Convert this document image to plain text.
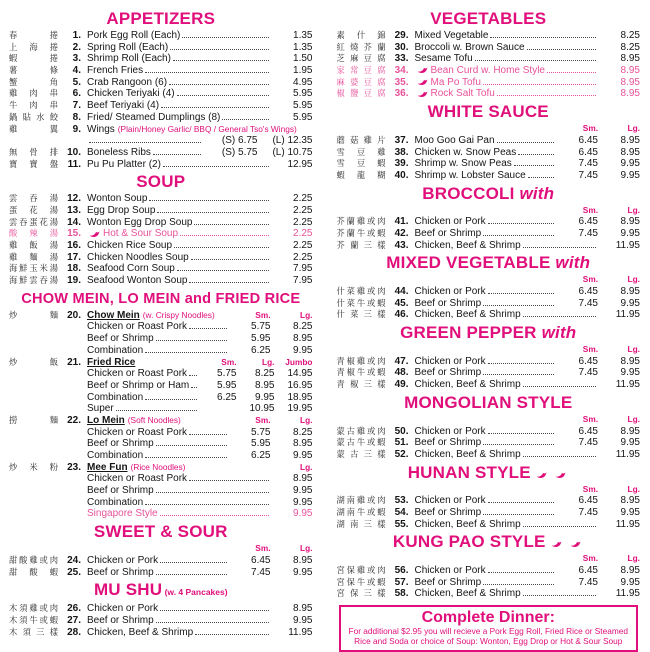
APPETIZERS
春	捲	1. Pork Egg Roll (Each)	1.35
上 海 捲	2. Spring Roll (Each)	1.35
蝦	捲	3. Shrimp Roll (Each)	1.50
薯	條	4. French Fries	1.95
蟹	角	5. Crab Rangoon (6)	4.95
雞 肉 串	6. Chicken Teriyaki (4)	5.95
牛 肉 串	7. Beef Teriyaki (4)	5.95
鍋 貼 水 餃	8. Fried/ Steamed Dumplings (8)	5.95
雞	翼	9. Wings (Plain/Honey Garlic/ BBQ / General Tso's Wings)
(S) 6.75	(L) 12.35
無 骨 排 10. Boneless Ribs	(S) 5.75	(L) 10.75
寶 寶 盤 11. Pu Pu Platter (2)	12.95
SOUP
雲 吞 湯 12. Wonton Soup	2.25
蛋 花 湯 13. Egg Drop Soup	2.25
雲 吞 蛋 花 湯 14. Wonton Egg Drop Soup	2.25
酸 辣 湯 15. Hot & Sour Soup	2.25
雞 飯 湯 16. Chicken Rice Soup	2.25
雞 麵 湯 17. Chicken Noodles Soup	2.25
海 鮮 玉 米 湯 18. Seafood Corn Soup	7.95
海 鮮 雲 吞 湯 19. Seafood Wonton Soup	7.95
CHOW MEIN, LO MEIN and FRIED RICE
炒	麵 20. Chow Mein (w. Crispy Noodles)	Sm.	Lg.
Chicken or Roast Pork	5.75	8.25
Beef or Shrimp	5.95	8.95
Combination	6.25	9.95
炒	飯 21. Fried Rice	Sm.	Lg.	Jumbo
Chicken or Roast Pork	5.75	8.25	14.95
Beef or Shrimp or Ham	5.95	8.95	16.95
Combination	6.25	9.95	18.95
Super	10.95	19.95
撈	麵 22. Lo Mein (Soft Noodles)	Sm.	Lg.
Chicken or Roast Pork	5.75	8.25
Beef or Shrimp	5.95	8.95
Combination	6.25	9.95
炒 米 粉 23. Mee Fun (Rice Noodles)	Lg.
Chicken or Roast Pork	8.95
Beef or Shrimp	9.95
Combination	9.95
Singapore Style	9.95
SWEET & SOUR
Sm.	Lg.
甜 酸 雞 或 肉 24. Chicken or Pork	6.45	8.95
甜 酸 蝦 25. Beef or Shrimp	7.45	9.95
MU SHU (w. 4 Pancakes)
木 須 雞 或 肉 26. Chicken or Pork	8.95
木 須 牛 或 蝦 27. Beef or Shrimp	9.95
木 須 三 樣 28. Chicken, Beef & Shrimp	11.95
VEGETABLES
素 什 錦 29. Mixed Vegetable	8.25
紅 燒 芥 蘭 30. Broccoli w. Brown Sauce	8.25
芝 麻 豆 腐 33. Sesame Tofu	8.95
家 常 豆 腐 34. Bean Curd w. Home Style	8.95
麻 婆 豆 腐 35. Ma Po Tofu	8.95
椒 鹽 豆 腐 36. Rock Salt Tofu	8.95
WHITE SAUCE
Sm.	Lg.
蘑 菇 雞 片 37. Moo Goo Gai Pan	6.45	8.95
雪 豆 雞 38. Chicken w. Snow Peas	6.45	8.95
雪 豆 蝦 39. Shrimp w. Snow Peas	7.45	9.95
蝦 龍 糊 40. Shrimp w. Lobster Sauce	7.45	9.95
BROCCOLI with
Sm.	Lg.
芥 蘭 雞 或 肉 41. Chicken or Pork	6.45	8.95
芥 蘭 牛 或 蝦 42. Beef or Shrimp	7.45	9.95
芥 蘭 三 樣 43. Chicken, Beef & Shrimp	11.95
MIXED VEGETABLE with
Sm.	Lg.
什 菜 雞 或 肉 44. Chicken or Pork	6.45	8.95
什 菜 牛 或 蝦 45. Beef or Shrimp	7.45	9.95
什 菜 三 樣 46. Chicken, Beef & Shrimp	11.95
GREEN PEPPER with
Sm.	Lg.
青 椒 雞 或 肉 47. Chicken or Pork	6.45	8.95
青 椒 牛 或 蝦 48. Beef or Shrimp	7.45	9.95
青 椒 三 樣 49. Chicken, Beef & Shrimp	11.95
MONGOLIAN STYLE
Sm.	Lg.
蒙 古 雞 或 肉 50. Chicken or Pork	6.45	8.95
蒙 古 牛 或 蝦 51. Beef or Shrimp	7.45	9.95
蒙 古 三 樣 52. Chicken, Beef & Shrimp	11.95
HUNAN STYLE
Sm.	Lg.
湖 南 雞 或 肉 53. Chicken or Pork	6.45	8.95
湖 南 牛 或 蝦 54. Beef or Shrimp	7.45	9.95
湖 南 三 樣 55. Chicken, Beef & Shrimp	11.95
KUNG PAO STYLE
Sm.	Lg.
宮 保 雞 或 肉 56. Chicken or Pork	6.45	8.95
宮 保 牛 或 蝦 57. Beef or Shrimp	7.45	9.95
宮 保 三 樣 58. Chicken, Beef & Shrimp	11.95
Complete Dinner:
For additional $2.95 you will recieve a Pork Egg Roll, Fried Rice or Steamed Rice and Soda or choice of Soup: Wonton, Egg Drop or Hot & Sour Soup
